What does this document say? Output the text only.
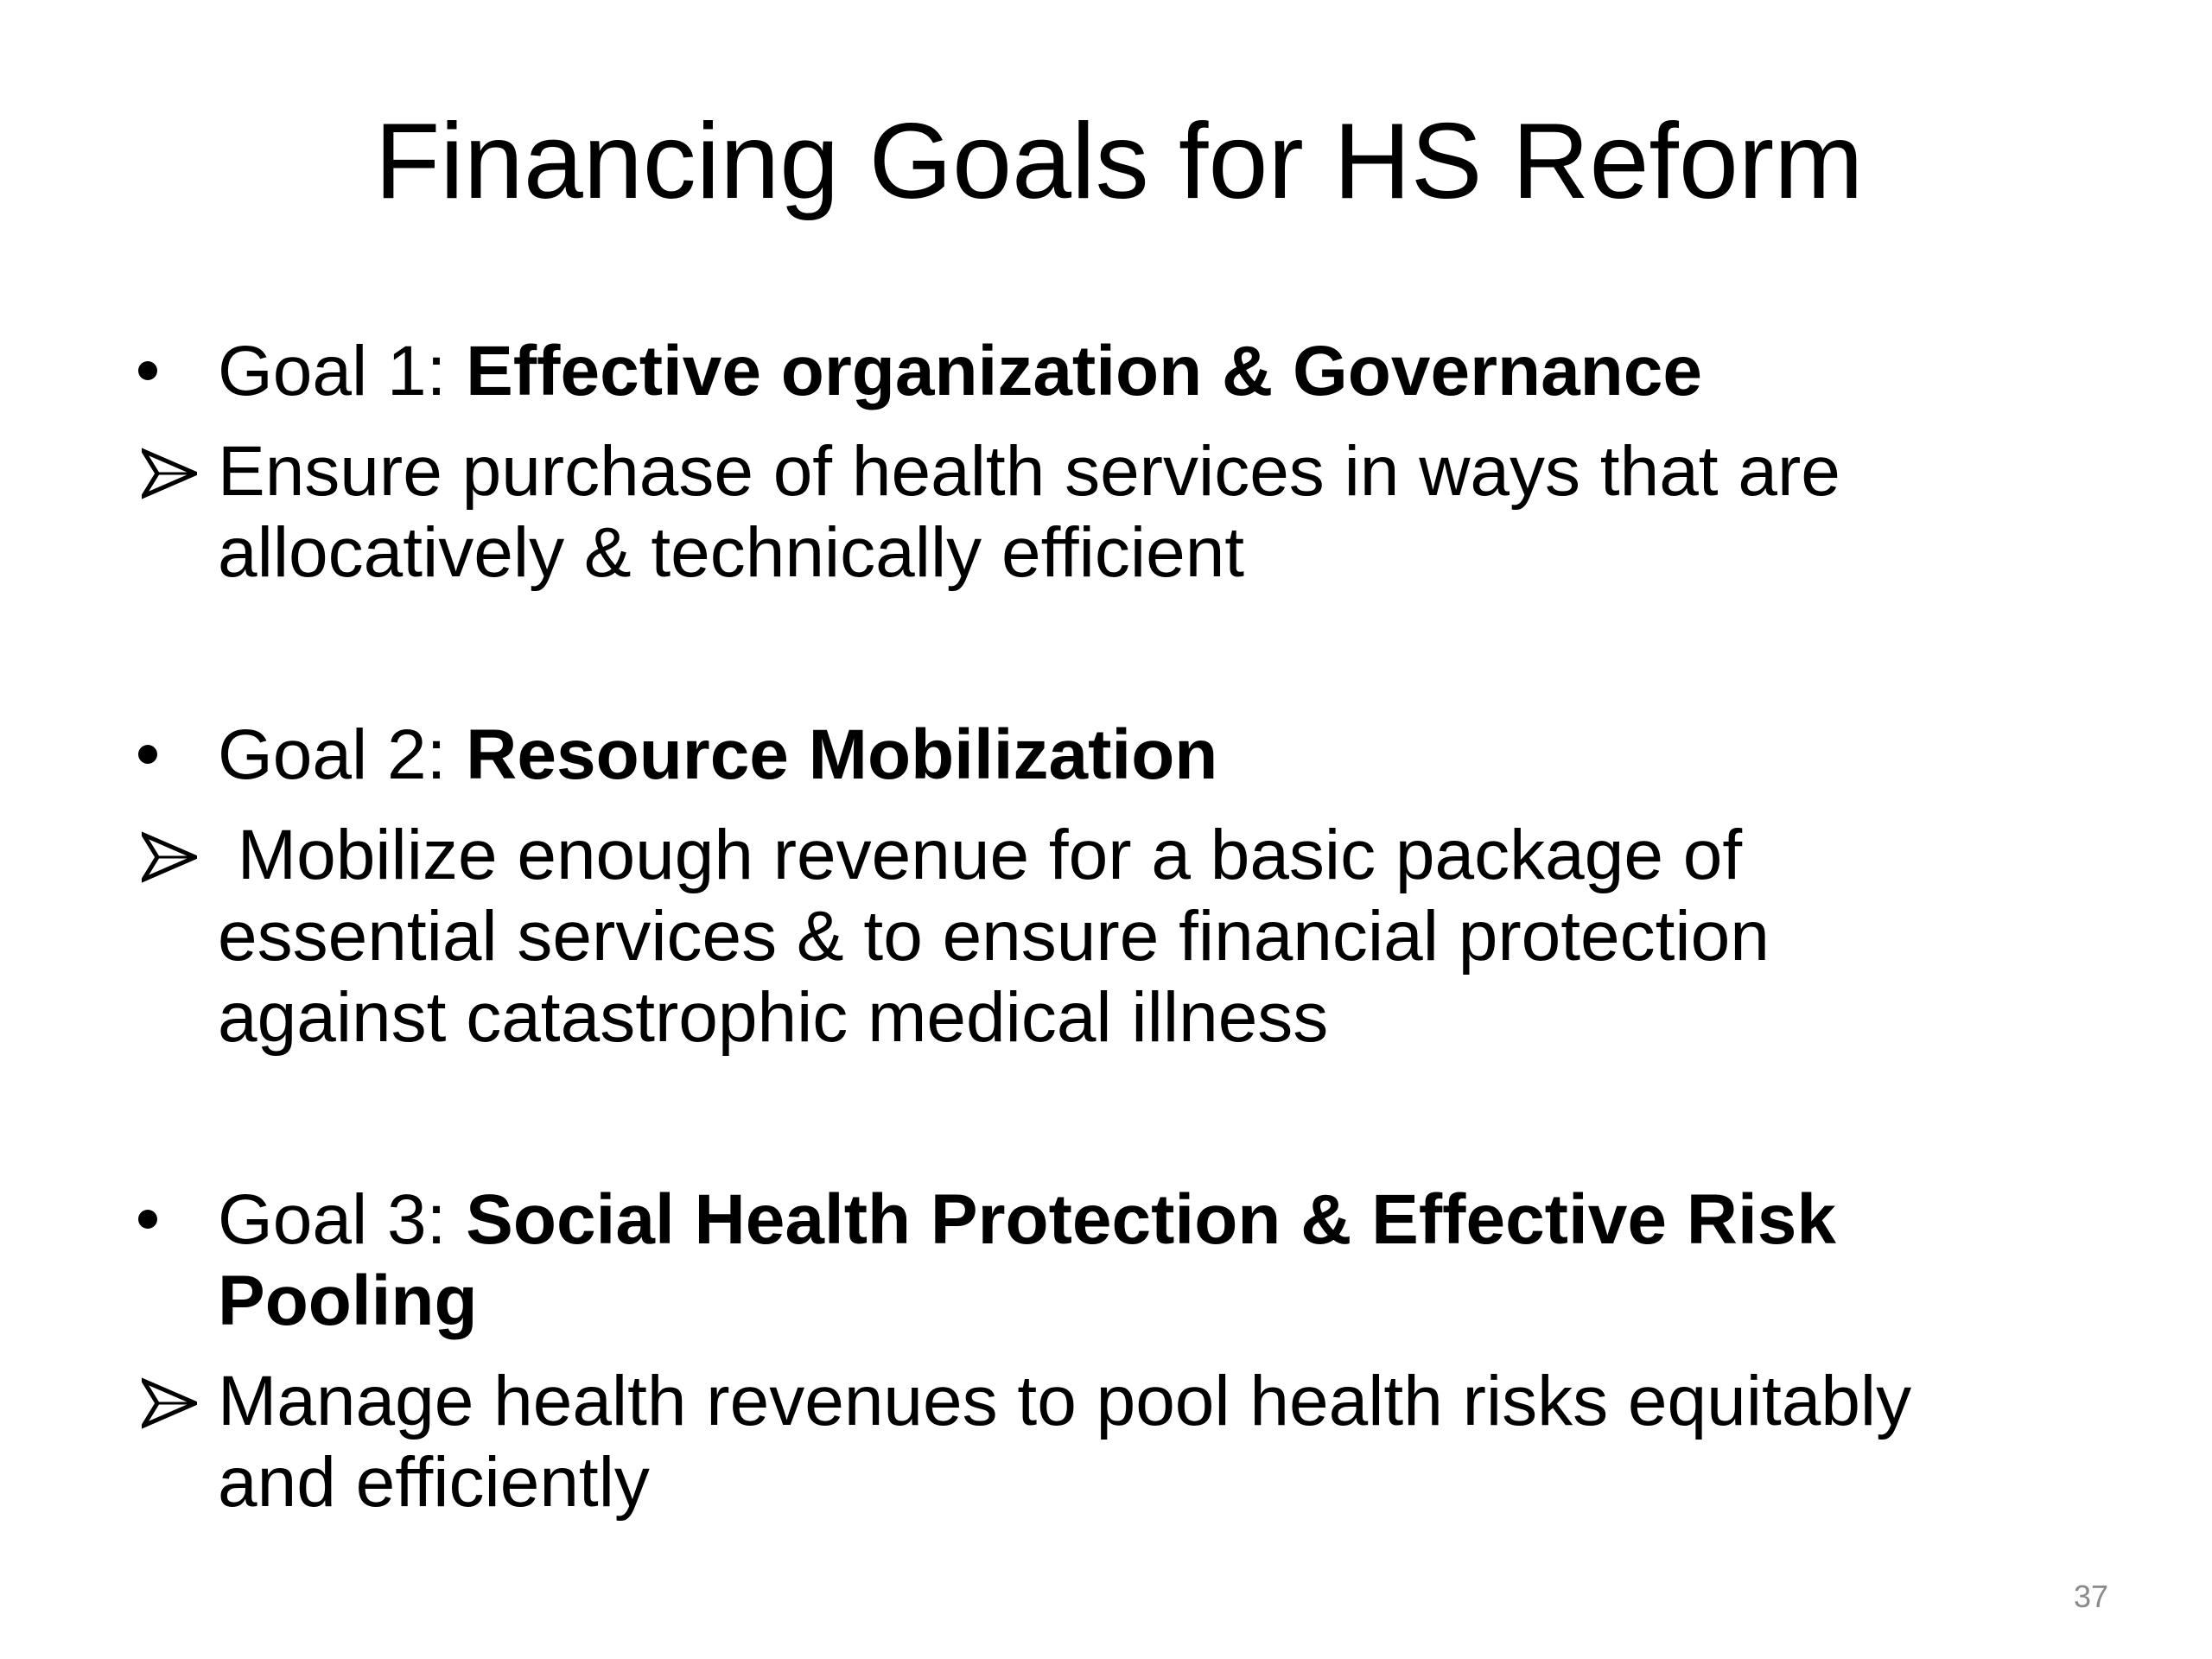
Financing Goals for HS Reform
Goal 1: Effective organization & Governance
Ensure purchase of health services in ways that are
allocatively & technically efficient
Goal 2: Resource Mobilization
Mobilize enough revenue for a basic package of
essential services & to ensure financial protection
against catastrophic medical illness
Goal 3: Social Health Protection & Effective Risk
Pooling
Manage health revenues to pool health risks equitably
and efficiently
37
